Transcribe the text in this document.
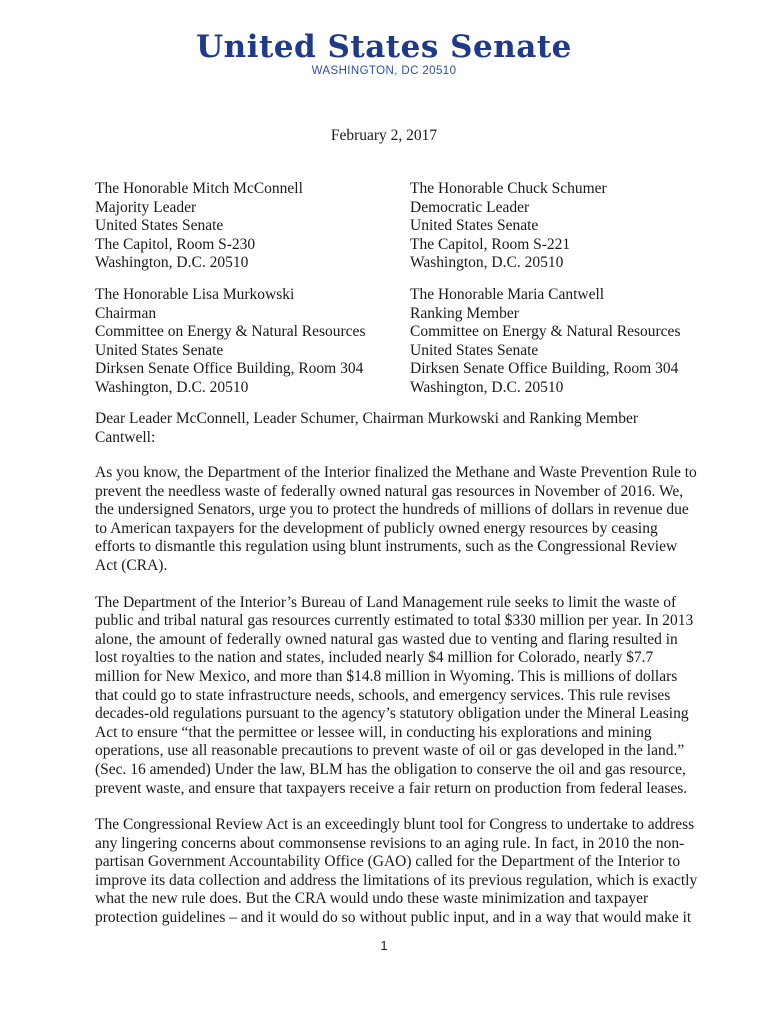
United States Senate
WASHINGTON, DC 20510
February 2, 2017
The Honorable Mitch McConnell
Majority Leader
United States Senate
The Capitol, Room S-230
Washington, D.C. 20510
The Honorable Chuck Schumer
Democratic Leader
United States Senate
The Capitol, Room S-221
Washington, D.C. 20510
The Honorable Lisa Murkowski
Chairman
Committee on Energy & Natural Resources
United States Senate
Dirksen Senate Office Building, Room 304
Washington, D.C. 20510
The Honorable Maria Cantwell
Ranking Member
Committee on Energy & Natural Resources
United States Senate
Dirksen Senate Office Building, Room 304
Washington, D.C. 20510

Dear Leader McConnell, Leader Schumer, Chairman Murkowski and Ranking Member
Cantwell:

As you know, the Department of the Interior finalized the Methane and Waste Prevention Rule to
prevent the needless waste of federally owned natural gas resources in November of 2016. We,
the undersigned Senators, urge you to protect the hundreds of millions of dollars in revenue due
to American taxpayers for the development of publicly owned energy resources by ceasing
efforts to dismantle this regulation using blunt instruments, such as the Congressional Review
Act (CRA).

The Department of the Interior’s Bureau of Land Management rule seeks to limit the waste of
public and tribal natural gas resources currently estimated to total $330 million per year. In 2013
alone, the amount of federally owned natural gas wasted due to venting and flaring resulted in
lost royalties to the nation and states, included nearly $4 million for Colorado, nearly $7.7
million for New Mexico, and more than $14.8 million in Wyoming. This is millions of dollars
that could go to state infrastructure needs, schools, and emergency services. This rule revises
decades-old regulations pursuant to the agency’s statutory obligation under the Mineral Leasing
Act to ensure “that the permittee or lessee will, in conducting his explorations and mining
operations, use all reasonable precautions to prevent waste of oil or gas developed in the land.”
(Sec. 16 amended) Under the law, BLM has the obligation to conserve the oil and gas resource,
prevent waste, and ensure that taxpayers receive a fair return on production from federal leases.

The Congressional Review Act is an exceedingly blunt tool for Congress to undertake to address
any lingering concerns about commonsense revisions to an aging rule. In fact, in 2010 the non-
partisan Government Accountability Office (GAO) called for the Department of the Interior to
improve its data collection and address the limitations of its previous regulation, which is exactly
what the new rule does. But the CRA would undo these waste minimization and taxpayer
protection guidelines – and it would do so without public input, and in a way that would make it

1
